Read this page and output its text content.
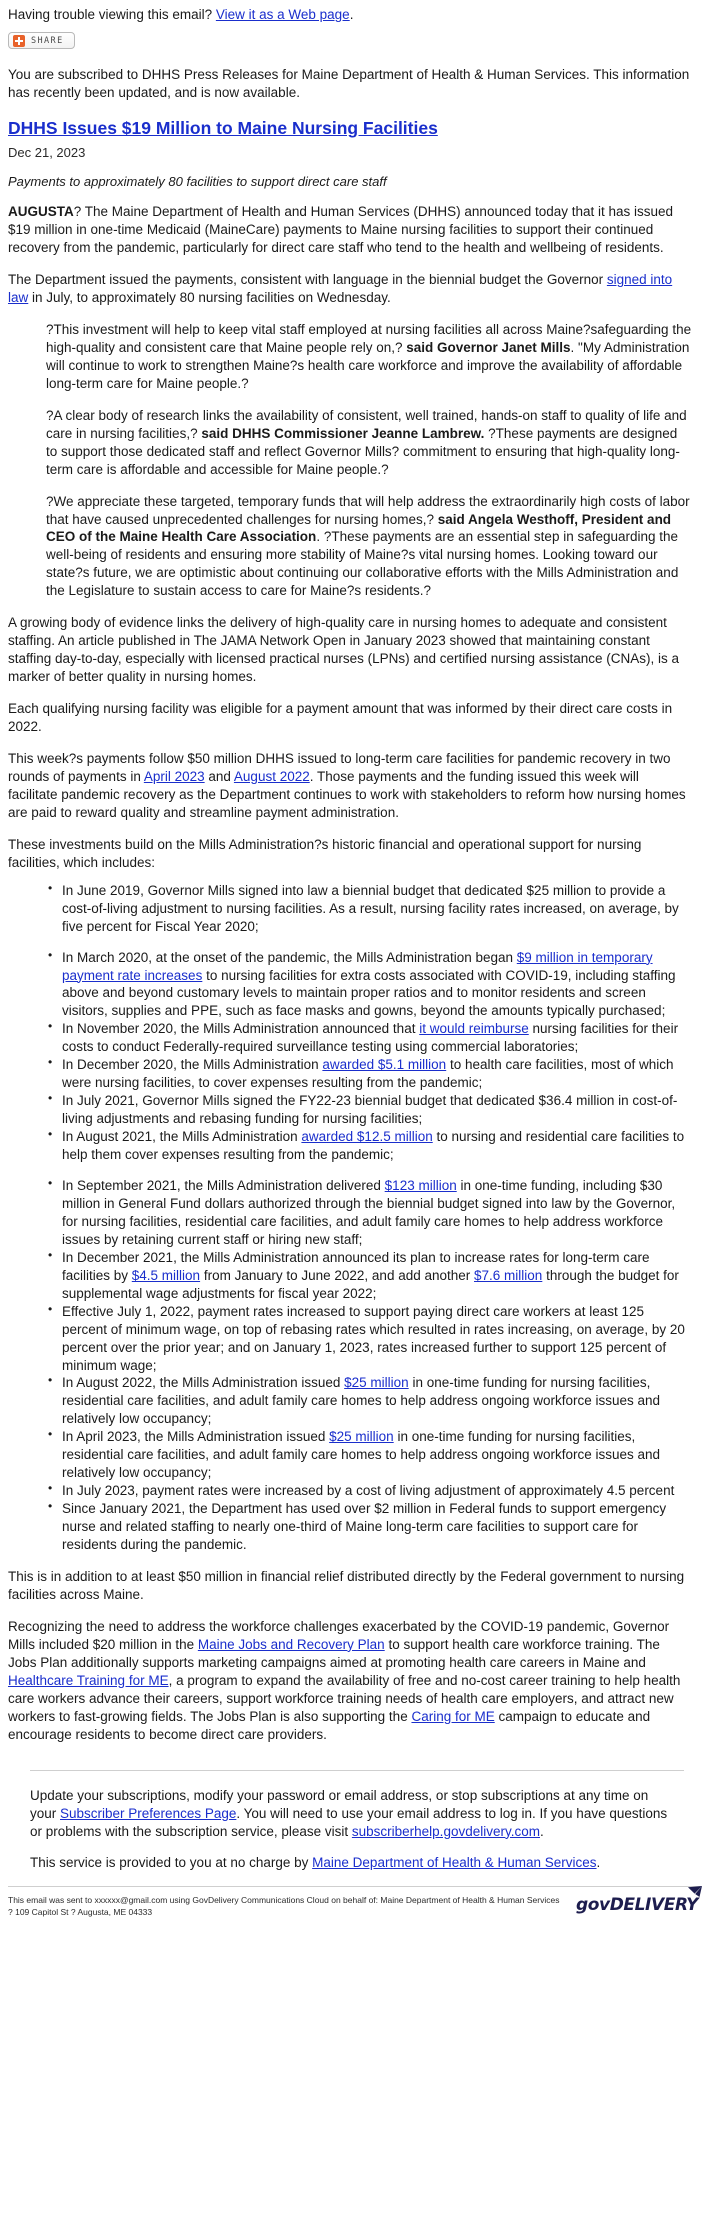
Having trouble viewing this email? View it as a Web page.
SHARE
You are subscribed to DHHS Press Releases for Maine Department of Health & Human Services. This information has recently been updated, and is now available.
DHHS Issues $19 Million to Maine Nursing Facilities
Dec 21, 2023
Payments to approximately 80 facilities to support direct care staff

AUGUSTA? The Maine Department of Health and Human Services (DHHS) announced today that it has issued $19 million in one-time Medicaid (MaineCare) payments to Maine nursing facilities to support their continued recovery from the pandemic, particularly for direct care staff who tend to the health and wellbeing of residents.

The Department issued the payments, consistent with language in the biennial budget the Governor signed into law in July, to approximately 80 nursing facilities on Wednesday.

?This investment will help to keep vital staff employed at nursing facilities all across Maine?safeguarding the high-quality and consistent care that Maine people rely on,? said Governor Janet Mills. "My Administration will continue to work to strengthen Maine?s health care workforce and improve the availability of affordable long-term care for Maine people.?

?A clear body of research links the availability of consistent, well trained, hands-on staff to quality of life and care in nursing facilities,? said DHHS Commissioner Jeanne Lambrew. ?These payments are designed to support those dedicated staff and reflect Governor Mills? commitment to ensuring that high-quality long-term care is affordable and accessible for Maine people.?

?We appreciate these targeted, temporary funds that will help address the extraordinarily high costs of labor that have caused unprecedented challenges for nursing homes,? said Angela Westhoff, President and CEO of the Maine Health Care Association. ?These payments are an essential step in safeguarding the well-being of residents and ensuring more stability of Maine?s vital nursing homes. Looking toward our state?s future, we are optimistic about continuing our collaborative efforts with the Mills Administration and the Legislature to sustain access to care for Maine?s residents.?

A growing body of evidence links the delivery of high-quality care in nursing homes to adequate and consistent staffing. An article published in The JAMA Network Open in January 2023 showed that maintaining constant staffing day-to-day, especially with licensed practical nurses (LPNs) and certified nursing assistance (CNAs), is a marker of better quality in nursing homes.

Each qualifying nursing facility was eligible for a payment amount that was informed by their direct care costs in 2022.

This week?s payments follow $50 million DHHS issued to long-term care facilities for pandemic recovery in two rounds of payments in April 2023 and August 2022. Those payments and the funding issued this week will facilitate pandemic recovery as the Department continues to work with stakeholders to reform how nursing homes are paid to reward quality and streamline payment administration.

These investments build on the Mills Administration?s historic financial and operational support for nursing facilities, which includes:

• In June 2019, Governor Mills signed into law a biennial budget that dedicated $25 million to provide a cost-of-living adjustment to nursing facilities. As a result, nursing facility rates increased, on average, by five percent for Fiscal Year 2020;
• In March 2020, at the onset of the pandemic, the Mills Administration began $9 million in temporary payment rate increases to nursing facilities for extra costs associated with COVID-19, including staffing above and beyond customary levels to maintain proper ratios and to monitor residents and screen visitors, supplies and PPE, such as face masks and gowns, beyond the amounts typically purchased;
• In November 2020, the Mills Administration announced that it would reimburse nursing facilities for their costs to conduct Federally-required surveillance testing using commercial laboratories;
• In December 2020, the Mills Administration awarded $5.1 million to health care facilities, most of which were nursing facilities, to cover expenses resulting from the pandemic;
• In July 2021, Governor Mills signed the FY22-23 biennial budget that dedicated $36.4 million in cost-of-living adjustments and rebasing funding for nursing facilities;
• In August 2021, the Mills Administration awarded $12.5 million to nursing and residential care facilities to help them cover expenses resulting from the pandemic;
• In September 2021, the Mills Administration delivered $123 million in one-time funding, including $30 million in General Fund dollars authorized through the biennial budget signed into law by the Governor, for nursing facilities, residential care facilities, and adult family care homes to help address workforce issues by retaining current staff or hiring new staff;
• In December 2021, the Mills Administration announced its plan to increase rates for long-term care facilities by $4.5 million from January to June 2022, and add another $7.6 million through the budget for supplemental wage adjustments for fiscal year 2022;
• Effective July 1, 2022, payment rates increased to support paying direct care workers at least 125 percent of minimum wage, on top of rebasing rates which resulted in rates increasing, on average, by 20 percent over the prior year; and on January 1, 2023, rates increased further to support 125 percent of minimum wage;
• In August 2022, the Mills Administration issued $25 million in one-time funding for nursing facilities, residential care facilities, and adult family care homes to help address ongoing workforce issues and relatively low occupancy;
• In April 2023, the Mills Administration issued $25 million in one-time funding for nursing facilities, residential care facilities, and adult family care homes to help address ongoing workforce issues and relatively low occupancy;
• In July 2023, payment rates were increased by a cost of living adjustment of approximately 4.5 percent
• Since January 2021, the Department has used over $2 million in Federal funds to support emergency nurse and related staffing to nearly one-third of Maine long-term care facilities to support care for residents during the pandemic.

This is in addition to at least $50 million in financial relief distributed directly by the Federal government to nursing facilities across Maine.

Recognizing the need to address the workforce challenges exacerbated by the COVID-19 pandemic, Governor Mills included $20 million in the Maine Jobs and Recovery Plan to support health care workforce training. The Jobs Plan additionally supports marketing campaigns aimed at promoting health care careers in Maine and Healthcare Training for ME, a program to expand the availability of free and no-cost career training to help health care workers advance their careers, support workforce training needs of health care employers, and attract new workers to fast-growing fields. The Jobs Plan is also supporting the Caring for ME campaign to educate and encourage residents to become direct care providers.

Update your subscriptions, modify your password or email address, or stop subscriptions at any time on your Subscriber Preferences Page. You will need to use your email address to log in. If you have questions or problems with the subscription service, please visit subscriberhelp.govdelivery.com.

This service is provided to you at no charge by Maine Department of Health & Human Services.

This email was sent to xxxxxx@gmail.com using GovDelivery Communications Cloud on behalf of: Maine Department of Health & Human Services ? 109 Capitol St ? Augusta, ME 04333	govDELIVERY
